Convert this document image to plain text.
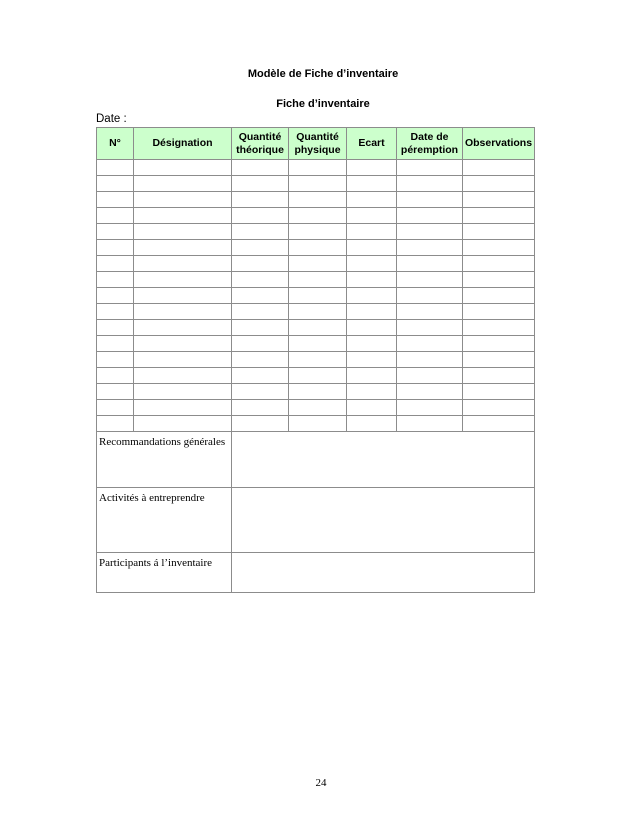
Modèle de Fiche d’inventaire
Fiche d’inventaire
Date :
N°	Désignation	Quantité théorique	Quantité physique	Ecart	Date de péremption	Observations

Recommandations générales						
Activités à entreprendre						
Participants á l’inventaire						
24
